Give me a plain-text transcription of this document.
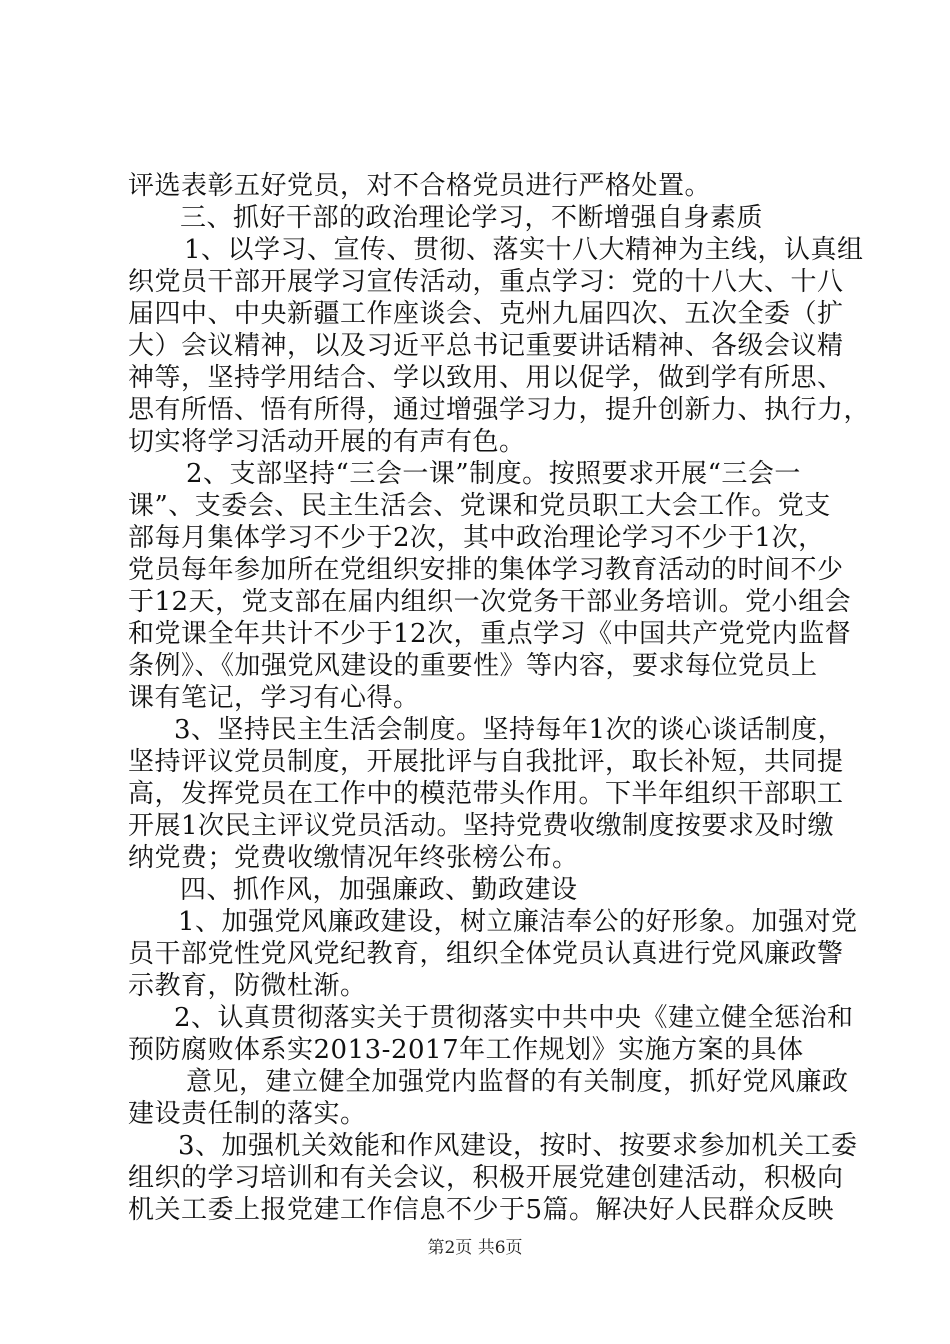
评选表彰五好党员，对不合格党员进行严格处置。
三、抓好干部的政治理论学习，不断增强自身素质
1、以学习、宣传、贯彻、落实十八大精神为主线，认真组
织党员干部开展学习宣传活动，重点学习：党的十八大、十八
届四中、中央新疆工作座谈会、克州九届四次、五次全委（扩
大）会议精神，以及习近平总书记重要讲话精神、各级会议精
神等，坚持学用结合、学以致用、用以促学，做到学有所思、
思有所悟、悟有所得，通过增强学习力，提升创新力、执行力，
切实将学习活动开展的有声有色。
2、支部坚持“三会一课”制度。按照要求开展“三会一
课”、支委会、民主生活会、党课和党员职工大会工作。党支
部每月集体学习不少于2次，其中政治理论学习不少于1次，
党员每年参加所在党组织安排的集体学习教育活动的时间不少
于12天，党支部在届内组织一次党务干部业务培训。党小组会
和党课全年共计不少于12次，重点学习《中国共产党党内监督
条例》、《加强党风建设的重要性》等内容，要求每位党员上
课有笔记，学习有心得。
3、坚持民主生活会制度。坚持每年1次的谈心谈话制度，
坚持评议党员制度，开展批评与自我批评，取长补短，共同提
高，发挥党员在工作中的模范带头作用。下半年组织干部职工
开展1次民主评议党员活动。坚持党费收缴制度按要求及时缴
纳党费；党费收缴情况年终张榜公布。
四、抓作风，加强廉政、勤政建设
1、加强党风廉政建设，树立廉洁奉公的好形象。加强对党
员干部党性党风党纪教育，组织全体党员认真进行党风廉政警
示教育，防微杜渐。
2、认真贯彻落实关于贯彻落实中共中央《建立健全惩治和
预防腐败体系实2013-2017年工作规划》实施方案的具体
意见，建立健全加强党内监督的有关制度，抓好党风廉政
建设责任制的落实。
3、加强机关效能和作风建设，按时、按要求参加机关工委
组织的学习培训和有关会议，积极开展党建创建活动，积极向
机关工委上报党建工作信息不少于5篇。解决好人民群众反映
第2页 共6页
